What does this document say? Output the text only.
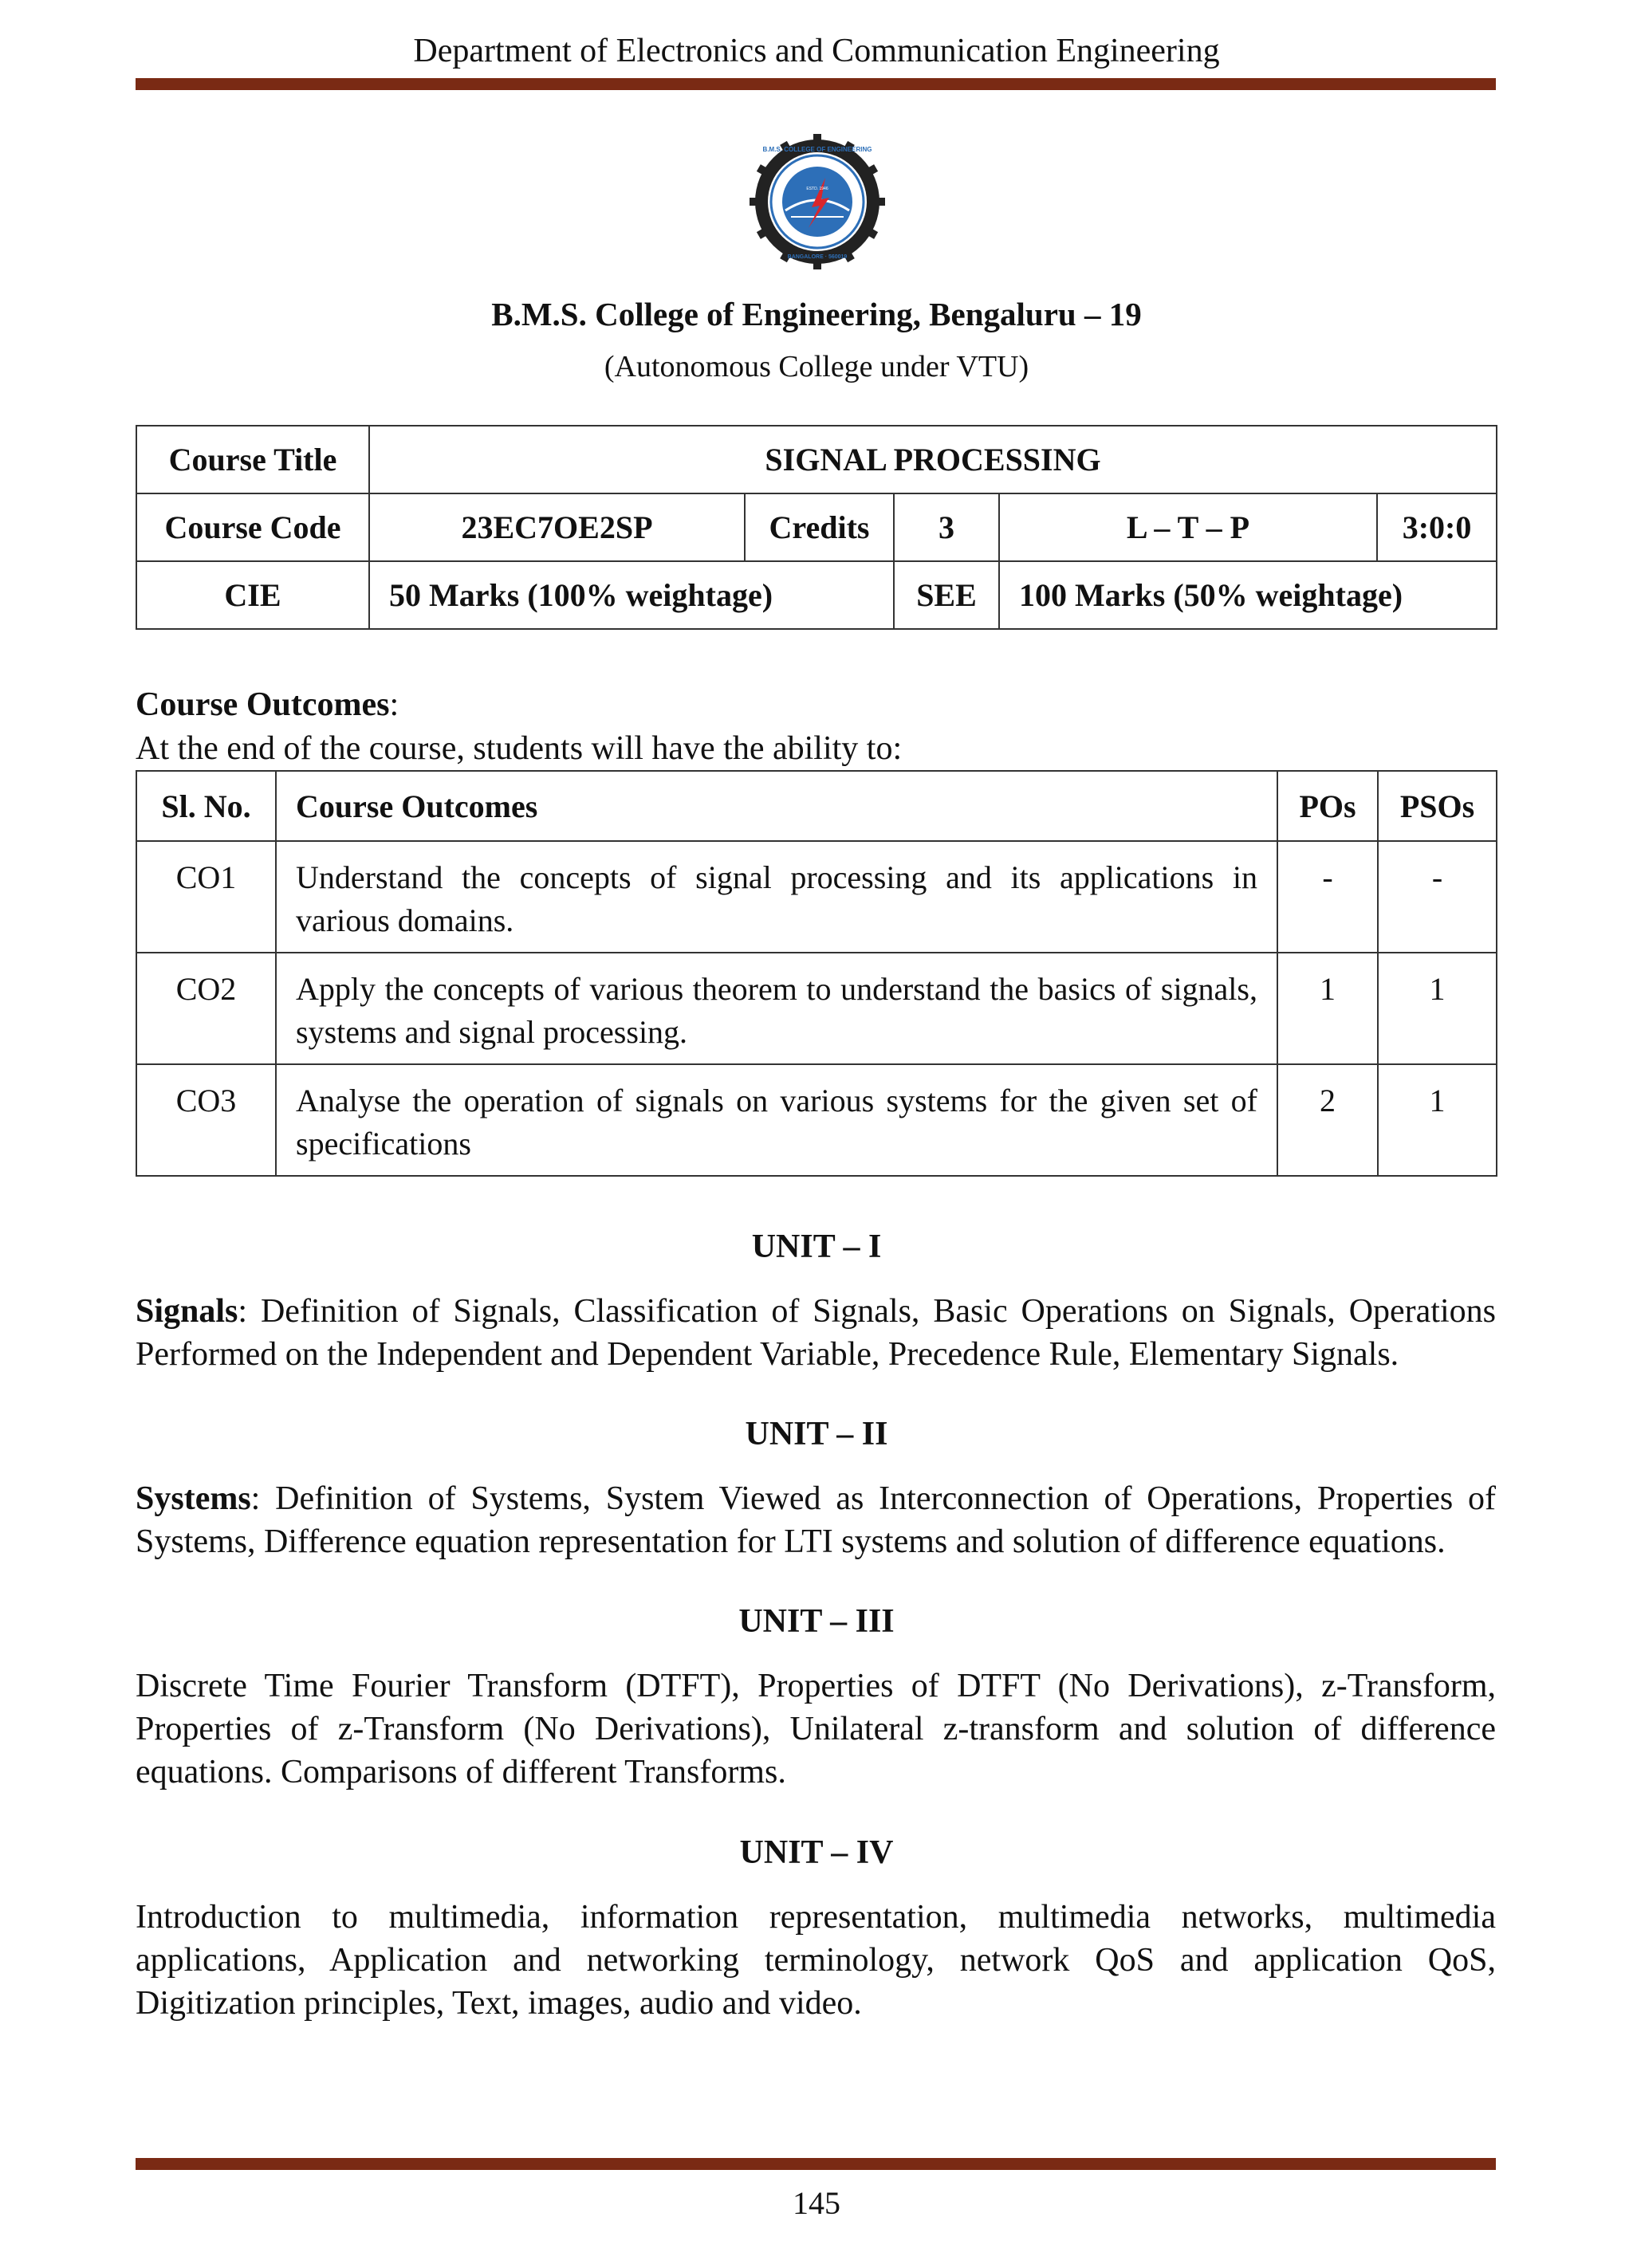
Department of Electronics and Communication Engineering
B.M.S. COLLEGE OF ENGINEERING
BANGALORE · 560019
ESTD. 1946
B.M.S. College of Engineering, Bengaluru – 19
(Autonomous College under VTU)
Course Title	SIGNAL PROCESSING				
Course Code	23EC7OE2SP	Credits	3	L – T – P	3:0:0
CIE	50 Marks (100% weightage)		SEE	100 Marks (50% weightage)	
Course Outcomes:
At the end of the course, students will have the ability to:
Sl. No.	Course Outcomes	POs	PSOs
CO1	Understand the concepts of signal processing and its applications in various domains.	-	-
CO2	Apply the concepts of various theorem to understand the basics of signals, systems and signal processing.	1	1
CO3	Analyse the operation of signals on various systems for the given set of specifications	2	1
UNIT – I
Signals: Definition of Signals, Classification of Signals, Basic Operations on Signals, Operations Performed on the Independent and Dependent Variable, Precedence Rule, Elementary Signals.
UNIT – II
Systems: Definition of Systems, System Viewed as Interconnection of Operations, Properties of Systems, Difference equation representation for LTI systems and solution of difference equations.
UNIT – III
Discrete Time Fourier Transform (DTFT), Properties of DTFT (No Derivations), z-Transform, Properties of z-Transform (No Derivations), Unilateral z-transform and solution of difference equations. Comparisons of different Transforms.
UNIT – IV
Introduction to multimedia, information representation, multimedia networks, multimedia applications, Application and networking terminology, network QoS and application QoS, Digitization principles, Text, images, audio and video.
145
